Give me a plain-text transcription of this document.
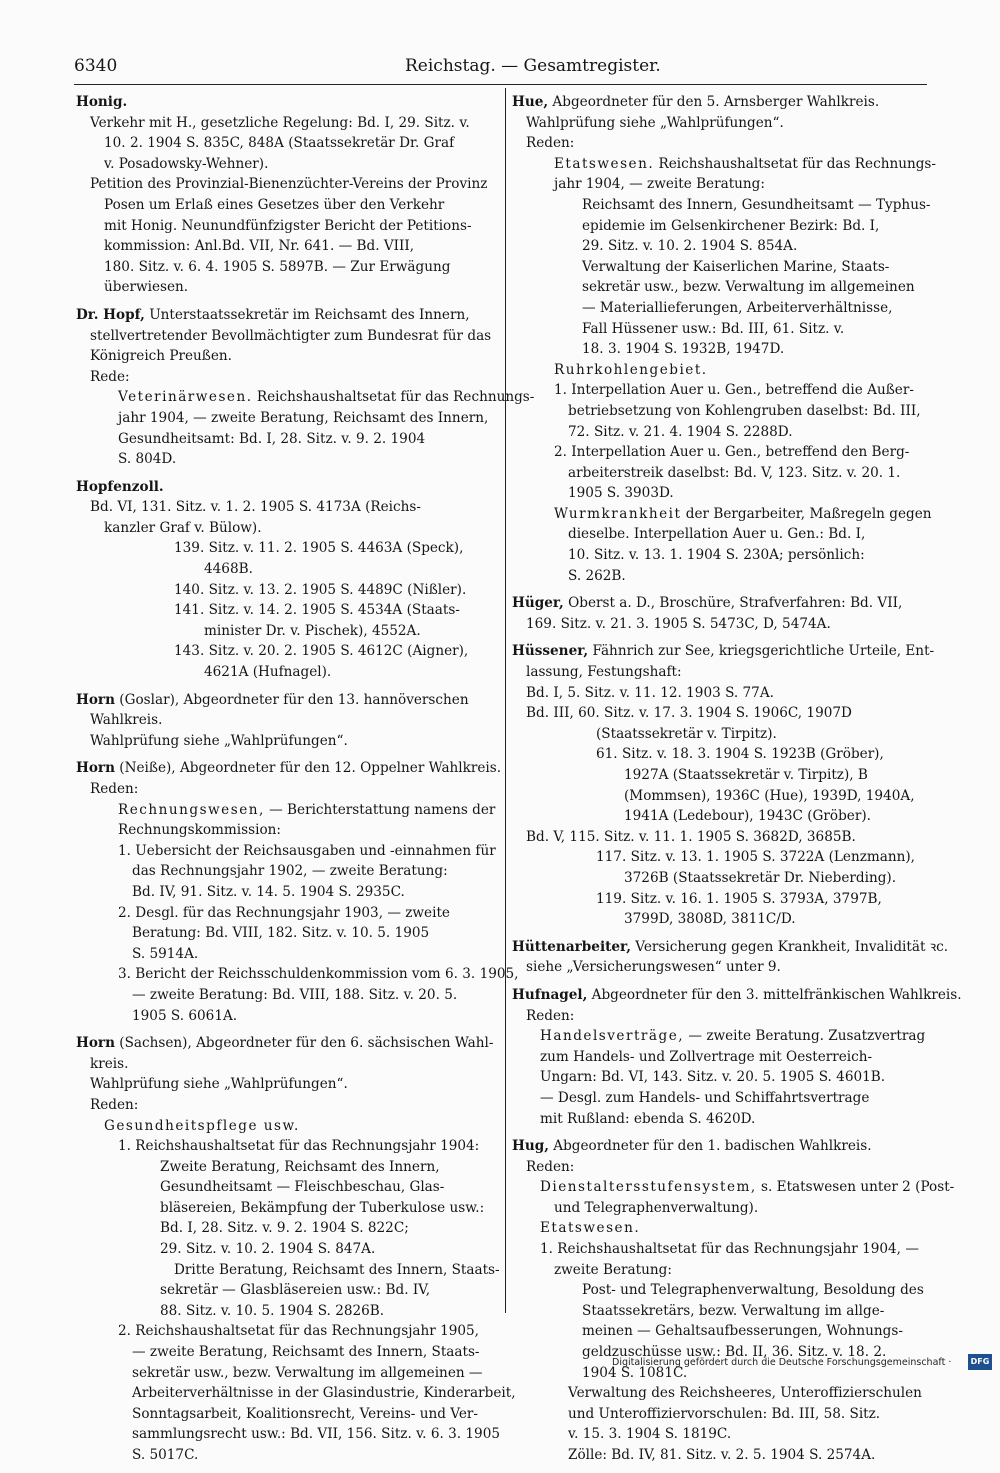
6340	Reichstag. — Gesamtregister.
Honig.
Verkehr mit H., gesetzliche Regelung: Bd. I, 29. Sitz. v.
10. 2. 1904 S. 835C, 848A (Staatssekretär Dr. Graf
v. Posadowsky-Wehner).
Petition des Provinzial-Bienenzüchter-Vereins der Provinz
Posen um Erlaß eines Gesetzes über den Verkehr
mit Honig. Neunundfünfzigster Bericht der Petitions-
kommission: Anl.Bd. VII, Nr. 641. — Bd. VIII,
180. Sitz. v. 6. 4. 1905 S. 5897B. — Zur Erwägung
überwiesen.
Dr. Hopf, Unterstaatssekretär im Reichsamt des Innern,
stellvertretender Bevollmächtigter zum Bundesrat für das
Königreich Preußen.
Rede:
Veterinärwesen. Reichshaushaltsetat für das Rechnungs-
jahr 1904, — zweite Beratung, Reichsamt des Innern,
Gesundheitsamt: Bd. I, 28. Sitz. v. 9. 2. 1904
S. 804D.
Hopfenzoll.
Bd. VI, 131. Sitz. v. 1. 2. 1905 S. 4173A (Reichs-
kanzler Graf v. Bülow).
139. Sitz. v. 11. 2. 1905 S. 4463A (Speck),
4468B.
140. Sitz. v. 13. 2. 1905 S. 4489C (Nißler).
141. Sitz. v. 14. 2. 1905 S. 4534A (Staats-
minister Dr. v. Pischek), 4552A.
143. Sitz. v. 20. 2. 1905 S. 4612C (Aigner),
4621A (Hufnagel).
Horn (Goslar), Abgeordneter für den 13. hannöverschen
Wahlkreis.
Wahlprüfung siehe „Wahlprüfungen“.
Horn (Neiße), Abgeordneter für den 12. Oppelner Wahlkreis.
Reden:
Rechnungswesen, — Berichterstattung namens der
Rechnungskommission:
1. Uebersicht der Reichsausgaben und -einnahmen für
das Rechnungsjahr 1902, — zweite Beratung:
Bd. IV, 91. Sitz. v. 14. 5. 1904 S. 2935C.
2. Desgl. für das Rechnungsjahr 1903, — zweite
Beratung: Bd. VIII, 182. Sitz. v. 10. 5. 1905
S. 5914A.
3. Bericht der Reichsschuldenkommission vom 6. 3. 1905,
— zweite Beratung: Bd. VIII, 188. Sitz. v. 20. 5.
1905 S. 6061A.
Horn (Sachsen), Abgeordneter für den 6. sächsischen Wahl-
kreis.
Wahlprüfung siehe „Wahlprüfungen“.
Reden:
Gesundheitspflege usw.
1. Reichshaushaltsetat für das Rechnungsjahr 1904:
Zweite Beratung, Reichsamt des Innern,
Gesundheitsamt — Fleischbeschau, Glas-
bläsereien, Bekämpfung der Tuberkulose usw.:
Bd. I, 28. Sitz. v. 9. 2. 1904 S. 822C;
29. Sitz. v. 10. 2. 1904 S. 847A.
Dritte Beratung, Reichsamt des Innern, Staats-
sekretär — Glasbläsereien usw.: Bd. IV,
88. Sitz. v. 10. 5. 1904 S. 2826B.
2. Reichshaushaltsetat für das Rechnungsjahr 1905,
— zweite Beratung, Reichsamt des Innern, Staats-
sekretär usw., bezw. Verwaltung im allgemeinen —
Arbeiterverhältnisse in der Glasindustrie, Kinderarbeit,
Sonntagsarbeit, Koalitionsrecht, Vereins- und Ver-
sammlungsrecht usw.: Bd. VII, 156. Sitz. v. 6. 3. 1905
S. 5017C.
Hue, Abgeordneter für den 5. Arnsberger Wahlkreis.
Wahlprüfung siehe „Wahlprüfungen“.
Reden:
Etatswesen. Reichshaushaltsetat für das Rechnungs-
jahr 1904, — zweite Beratung:
Reichsamt des Innern, Gesundheitsamt — Typhus-
epidemie im Gelsenkirchener Bezirk: Bd. I,
29. Sitz. v. 10. 2. 1904 S. 854A.
Verwaltung der Kaiserlichen Marine, Staats-
sekretär usw., bezw. Verwaltung im allgemeinen
— Materiallieferungen, Arbeiterverhältnisse,
Fall Hüssener usw.: Bd. III, 61. Sitz. v.
18. 3. 1904 S. 1932B, 1947D.
Ruhrkohlengebiet.
1. Interpellation Auer u. Gen., betreffend die Außer-
betriebsetzung von Kohlengruben daselbst: Bd. III,
72. Sitz. v. 21. 4. 1904 S. 2288D.
2. Interpellation Auer u. Gen., betreffend den Berg-
arbeiterstreik daselbst: Bd. V, 123. Sitz. v. 20. 1.
1905 S. 3903D.
Wurmkrankheit der Bergarbeiter, Maßregeln gegen
dieselbe. Interpellation Auer u. Gen.: Bd. I,
10. Sitz. v. 13. 1. 1904 S. 230A; persönlich:
S. 262B.
Hüger, Oberst a. D., Broschüre, Strafverfahren: Bd. VII,
169. Sitz. v. 21. 3. 1905 S. 5473C, D, 5474A.
Hüssener, Fähnrich zur See, kriegsgerichtliche Urteile, Ent-
lassung, Festungshaft:
Bd. I, 5. Sitz. v. 11. 12. 1903 S. 77A.
Bd. III, 60. Sitz. v. 17. 3. 1904 S. 1906C, 1907D
(Staatssekretär v. Tirpitz).
61. Sitz. v. 18. 3. 1904 S. 1923B (Gröber),
1927A (Staatssekretär v. Tirpitz), B
(Mommsen), 1936C (Hue), 1939D, 1940A,
1941A (Ledebour), 1943C (Gröber).
Bd. V, 115. Sitz. v. 11. 1. 1905 S. 3682D, 3685B.
117. Sitz. v. 13. 1. 1905 S. 3722A (Lenzmann),
3726B (Staatssekretär Dr. Nieberding).
119. Sitz. v. 16. 1. 1905 S. 3793A, 3797B,
3799D, 3808D, 3811C/D.
Hüttenarbeiter, Versicherung gegen Krankheit, Invalidität ꝛc.
siehe „Versicherungswesen“ unter 9.
Hufnagel, Abgeordneter für den 3. mittelfränkischen Wahlkreis.
Reden:
Handelsverträge, — zweite Beratung. Zusatzvertrag
zum Handels- und Zollvertrage mit Oesterreich-
Ungarn: Bd. VI, 143. Sitz. v. 20. 5. 1905 S. 4601B.
— Desgl. zum Handels- und Schiffahrtsvertrage
mit Rußland: ebenda S. 4620D.
Hug, Abgeordneter für den 1. badischen Wahlkreis.
Reden:
Dienstaltersstufensystem, s. Etatswesen unter 2 (Post-
und Telegraphenverwaltung).
Etatswesen.
1. Reichshaushaltsetat für das Rechnungsjahr 1904, —
zweite Beratung:
Post- und Telegraphenverwaltung, Besoldung des
Staatssekretärs, bezw. Verwaltung im allge-
meinen — Gehaltsaufbesserungen, Wohnungs-
geldzuschüsse usw.: Bd. II, 36. Sitz. v. 18. 2.
1904 S. 1081C.
Verwaltung des Reichsheeres, Unteroffizierschulen
und Unteroffiziervorschulen: Bd. III, 58. Sitz.
v. 15. 3. 1904 S. 1819C.
Zölle: Bd. IV, 81. Sitz. v. 2. 5. 1904 S. 2574A.
Digitalisierung gefördert durch die Deutsche Forschungsgemeinschaft ·	DFG
